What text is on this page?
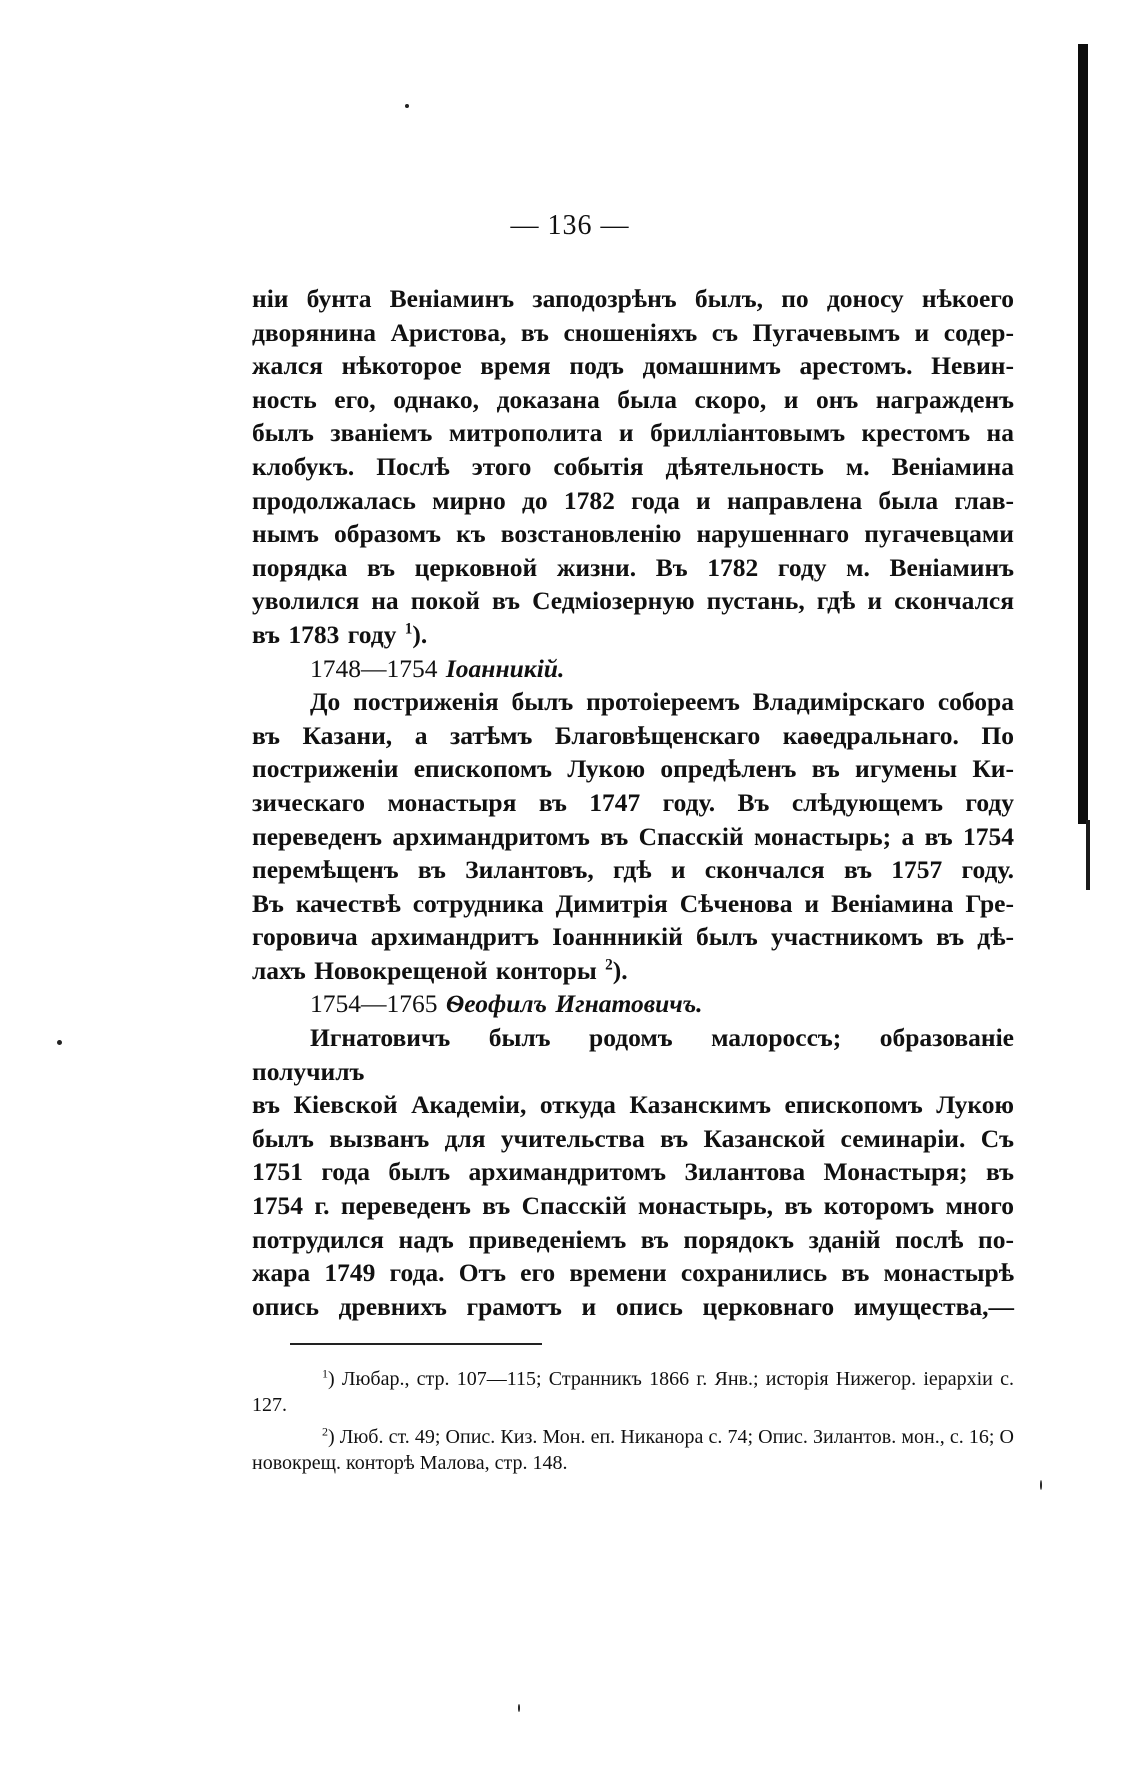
— 136 —

нiи бунта Венiаминъ заподозрѣнъ былъ, по доносу нѣкоего
дворянина Аристова, въ сношенiяхъ съ Пугачевымъ и содер-
жался нѣкоторое время подъ домашнимъ арестомъ. Невин-
ность его, однако, доказана была скоро, и онъ награжденъ
былъ званiемъ митрополита и бриллiантовымъ крестомъ на
клобукъ. Послѣ этого событiя дѣятельность м. Венiамина
продолжалась мирно до 1782 года и направлена была глав-
нымъ образомъ къ возстановленiю нарушеннаго пугачевцами
порядка въ церковной жизни. Въ 1782 году м. Венiаминъ
уволился на покой въ Седмiозерную пустань, гдѣ и скончался
въ 1783 году $^1$).

1748—1754 Iоанникiй.

До постриженiя былъ протоiереемъ Владимiрскаго собора
въ Казани, а затѣмъ Благовѣщенскаго каѳедральнаго. По
постриженiи епископомъ Лукою опредѣленъ въ игумены Ки-
зическаго монастыря въ 1747 году. Въ слѣдующемъ году
переведенъ архимандритомъ въ Спасскiй монастырь; а въ 1754
перемѣщенъ въ Зилантовъ, гдѣ и скончался въ 1757 году.
Въ качествѣ сотрудника Димитрiя Сѣченова и Венiамина Гре-
горовича архимандритъ Iоаннникiй былъ участникомъ въ дѣ-
лахъ Новокрещеной конторы $^2$).

1754—1765 Ѳеофилъ Игнатовичъ.

Игнатовичъ былъ родомъ малороссъ; образованiе получилъ
въ Кiевской Академiи, откуда Казанскимъ епископомъ Лукою
былъ вызванъ для учительства въ Казанской семинарiи. Съ
1751 года былъ архимандритомъ Зилантова Монастыря; въ
1754 г. переведенъ въ Спасскiй монастырь, въ которомъ много
потрудился надъ приведенiемъ въ порядокъ зданiй послѣ по-
жара 1749 года. Отъ его времени сохранились въ монастырѣ
опись древнихъ грамотъ и опись церковнаго имущества,—

$^1$) Любар., стр. 107—115; Странникъ 1866 г. Янв.; исторiя Нижегор. iерархiи с. 127.

$^2$) Люб. ст. 49; Опис. Киз. Мон. еп. Никанора с. 74; Опис. Зилантов. мон., с. 16; О новокрещ. конторѣ Малова, стр. 148.
